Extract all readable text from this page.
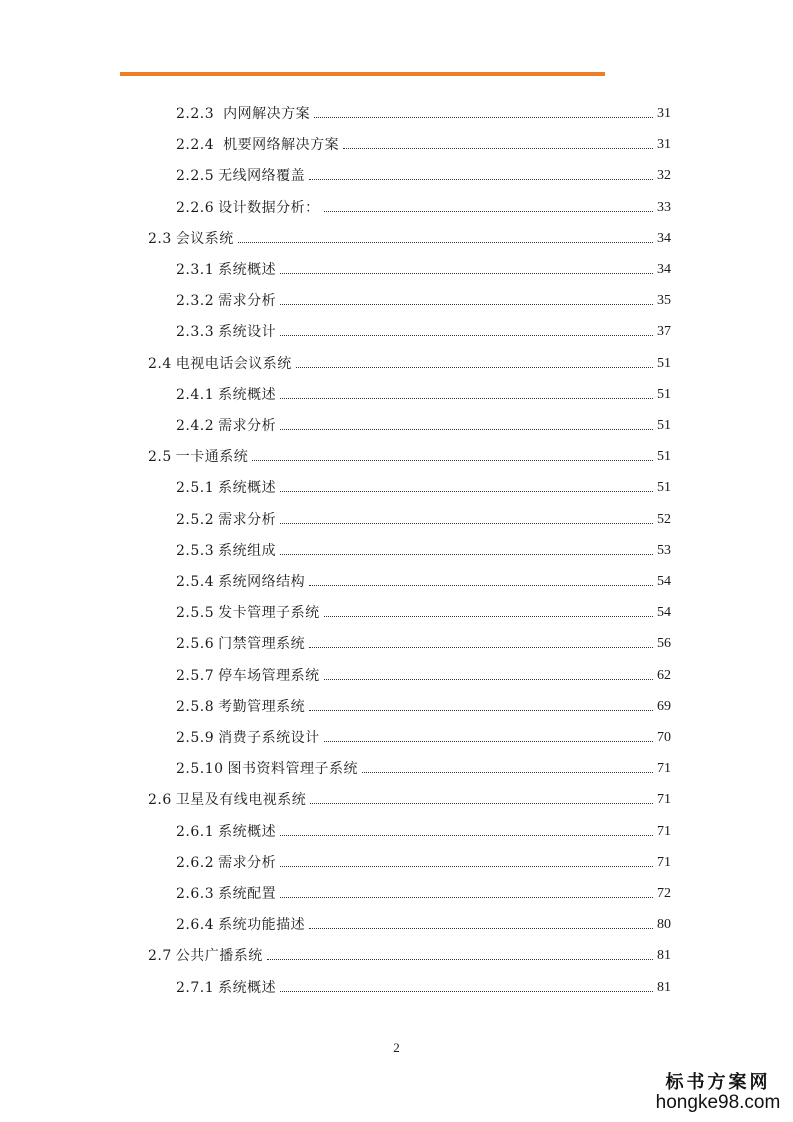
2.2.3 内网解决方案	31
2.2.4 机要网络解决方案	31
2.2.5 无线网络覆盖	32
2.2.6 设计数据分析：	33
2.3 会议系统	34
2.3.1 系统概述	34
2.3.2 需求分析	35
2.3.3 系统设计	37
2.4 电视电话会议系统	51
2.4.1 系统概述	51
2.4.2 需求分析	51
2.5 一卡通系统	51
2.5.1 系统概述	51
2.5.2 需求分析	52
2.5.3 系统组成	53
2.5.4 系统网络结构	54
2.5.5 发卡管理子系统	54
2.5.6 门禁管理系统	56
2.5.7 停车场管理系统	62
2.5.8 考勤管理系统	69
2.5.9 消费子系统设计	70
2.5.10 图书资料管理子系统	71
2.6 卫星及有线电视系统	71
2.6.1 系统概述	71
2.6.2 需求分析	71
2.6.3 系统配置	72
2.6.4 系统功能描述	80
2.7 公共广播系统	81
2.7.1 系统概述	81
2
标书方案网
hongke98.com
